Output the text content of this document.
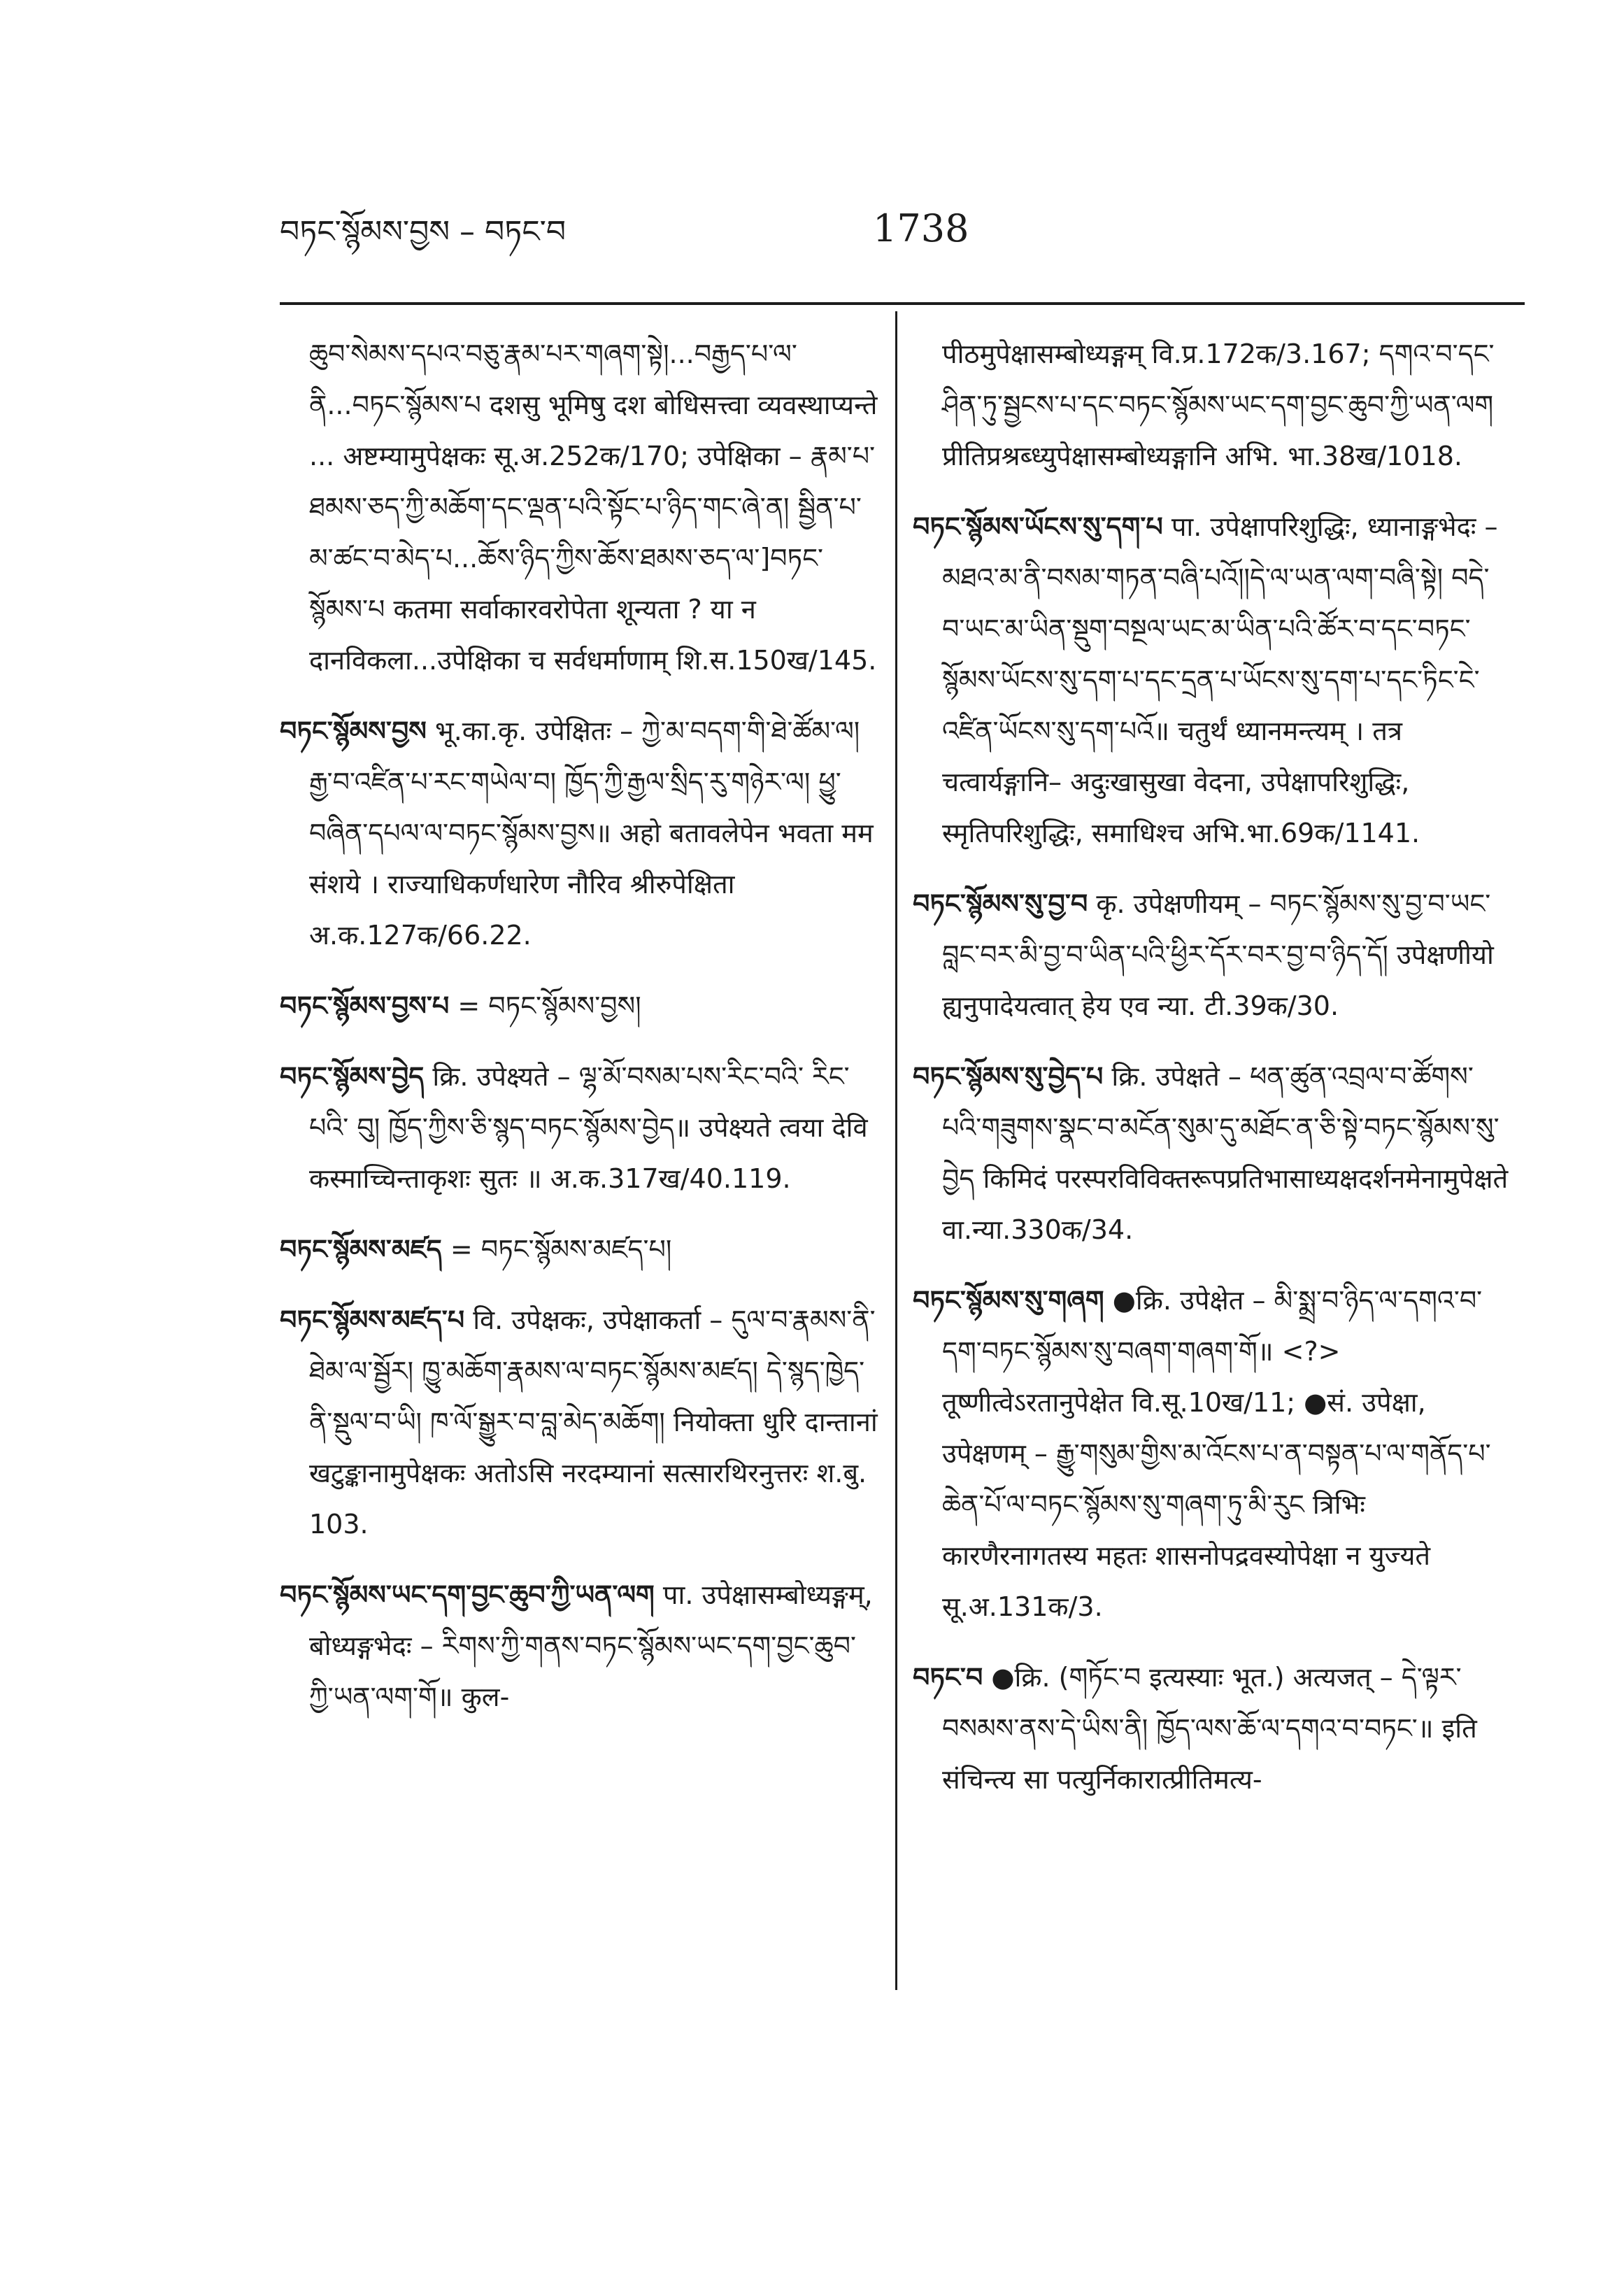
བཏང་སྙོམས་བྱས – བཏང་བ	1738

ཆུབ་སེམས་དཔའ་བཅུ་རྣམ་པར་གཞག་སྟེ།...བརྒྱད་པ་ལ་ནི...བཏང་སྙོམས་པ दशसु भूमिषु दश बोधिसत्त्वा व्यवस्थाप्यन्ते ... अष्टम्यामुपेक्षकः सू.अ.252क/170; उपेक्षिका – རྣམ་པ་ཐམས་ཅད་ཀྱི་མཆོག་དང་ལྡན་པའི་སྟོང་པ་ཉིད་གང་ཞེ་ན། སྦྱིན་པ་མ་ཚང་བ་མེད་པ...ཆོས་ཉིད་ཀྱིས་ཆོས་ཐམས་ཅད་ལ་]བཏང་སྙོམས་པ कतमा सर्वाकारवरोपेता शून्यता ? या न दानविकला...उपेक्षिका च सर्वधर्माणाम् शि.स.150ख/145.

བཏང་སྙོམས་བྱས भू.का.कृ. उपेक्षितः – ཀྱེ་མ་བདག་གི་ཐེ་ཚོམ་ལ། རྒྱ་བ་འཛིན་པ་རང་གཡེལ་བ། ཁྱོད་ཀྱི་རྒྱལ་སྲིད་རུ་གཉེར་ལ། ཕྱུ་བཞིན་དཔལ་ལ་བཏང་སྙོམས་བྱས॥ अहो बतावलेपेन भवता मम संशये । राज्याधिकर्णधारेण नौरिव श्रीरुपेक्षिता अ.क.127क/66.22.

བཏང་སྙོམས་བྱས་པ = བཏང་སྙོམས་བྱས།

བཏང་སྙོམས་བྱེད क्रि. उपेक्ष्यते – ལྷ་མོ་བསམ་པས་རིང་བའི་ རིང་པའི་ བུ། ཁྱོད་ཀྱིས་ཅི་སྙད་བཏང་སྙོམས་བྱེད॥ उपेक्ष्यते त्वया देवि कस्माच्चिन्ताकृशः सुतः ॥ अ.क.317ख/40.119.

བཏང་སྙོམས་མཛད = བཏང་སྙོམས་མཛད་པ།

བཏང་སྙོམས་མཛད་པ वि. उपेक्षकः, उपेक्षाकर्ता – དུལ་བ་རྣམས་ནི་ཐེམ་ལ་སྦྱོར། ཁྱུ་མཆོག་རྣམས་ལ་བཏང་སྙོམས་མཛད། དེ་སྙད་ཁྱེད་ནི་སྡུལ་བ་ཡི། ཁ་ལོ་སྒྱུར་བ་བླ་མེད་མཆོག། नियोक्ता धुरि दान्तानां खटुङ्कानामुपेक्षकः अतोऽसि नरदम्यानां सत्सारथिरनुत्तरः श.बु. 103.

བཏང་སྙོམས་ཡང་དག་བྱང་ཆུབ་ཀྱི་ཡན་ལག पा. उपेक्षासम्बोध्यङ्गम्, बोध्यङ्गभेदः – རིགས་ཀྱི་གནས་བཏང་སྙོམས་ཡང་དག་བྱང་ཆུབ་ཀྱི་ཡན་ལག་གོ॥ कुल-

पीठमुपेक्षासम्बोध्यङ्गम् वि.प्र.172क/3.167; དགའ་བ་དང་ཤིན་ཏུ་སྦྱངས་པ་དང་བཏང་སྙོམས་ཡང་དག་བྱང་ཆུབ་ཀྱི་ཡན་ལག प्रीतिप्रश्रब्ध्युपेक्षासम्बोध्यङ्गानि अभि. भा.38ख/1018.

བཏང་སྙོམས་ཡོངས་སུ་དག་པ पा. उपेक्षापरिशुद्धिः, ध्यानाङ्गभेदः – མཐའ་མ་ནི་བསམ་གཏན་བཞི་པའོ།།དེ་ལ་ཡན་ལག་བཞི་སྟེ། བདེ་བ་ཡང་མ་ཡིན་སྡུག་བསྔལ་ཡང་མ་ཡིན་པའི་ཚོར་བ་དང་བཏང་སྙོམས་ཡོངས་སུ་དག་པ་དང་དྲན་པ་ཡོངས་སུ་དག་པ་དང་ཏིང་ངེ་འཛིན་ཡོངས་སུ་དག་པའོ॥ चतुर्थं ध्यानमन्त्यम् । तत्र चत्वार्यङ्गानि– अदुःखासुखा वेदना, उपेक्षापरिशुद्धिः, स्मृतिपरिशुद्धिः, समाधिश्च अभि.भा.69क/1141.

བཏང་སྙོམས་སུ་བྱ་བ कृ. उपेक्षणीयम् – བཏང་སྙོམས་སུ་བྱ་བ་ཡང་བླང་བར་མི་བྱ་བ་ཡིན་པའི་ཕྱིར་དོར་བར་བྱ་བ་ཉིད་དོ། उपेक्षणीयो ह्यनुपादेयत्वात् हेय एव न्या. टी.39क/30.

བཏང་སྙོམས་སུ་བྱེད་པ क्रि. उपेक्षते – ཕན་ཚུན་འབྲལ་བ་ཚོགས་པའི་གཟུགས་སྣང་བ་མངོན་སུམ་དུ་མཐོང་ན་ཅི་སྟེ་བཏང་སྙོམས་སུ་བྱེད किमिदं परस्परविविक्तरूपप्रतिभासाध्यक्षदर्शनमेनामुपेक्षते वा.न्या.330क/34.

བཏང་སྙོམས་སུ་གཞག ●क्रि. उपेक्षेत – མི་སྨྲ་བ་ཉིད་ལ་དགའ་བ་དག་བཏང་སྙོམས་སུ་བཞག་གཞག་གོ॥ <?> तूष्णीत्वेऽरतानुपेक्षेत वि.सू.10ख/11; ●सं. उपेक्षा, उपेक्षणम् – རྒྱུ་གསུམ་གྱིས་མ་འོངས་པ་ན་བསྟན་པ་ལ་གནོད་པ་ཆེན་པོ་ལ་བཏང་སྙོམས་སུ་གཞག་ཏུ་མི་རུང त्रिभिः कारणैरनागतस्य महतः शासनोपद्रवस्योपेक्षा न युज्यते सू.अ.131क/3.

བཏང་བ ●क्रि. (གཏོང་བ इत्यस्याः भूत.) अत्यजत् – དེ་ལྟར་བསམས་ནས་དེ་ཡིས་ནི། ཁྱོད་ལས་ཆོ་ལ་དགའ་བ་བཏང་॥ इति संचिन्त्य सा पत्युर्निकारात्प्रीतिमत्य-
